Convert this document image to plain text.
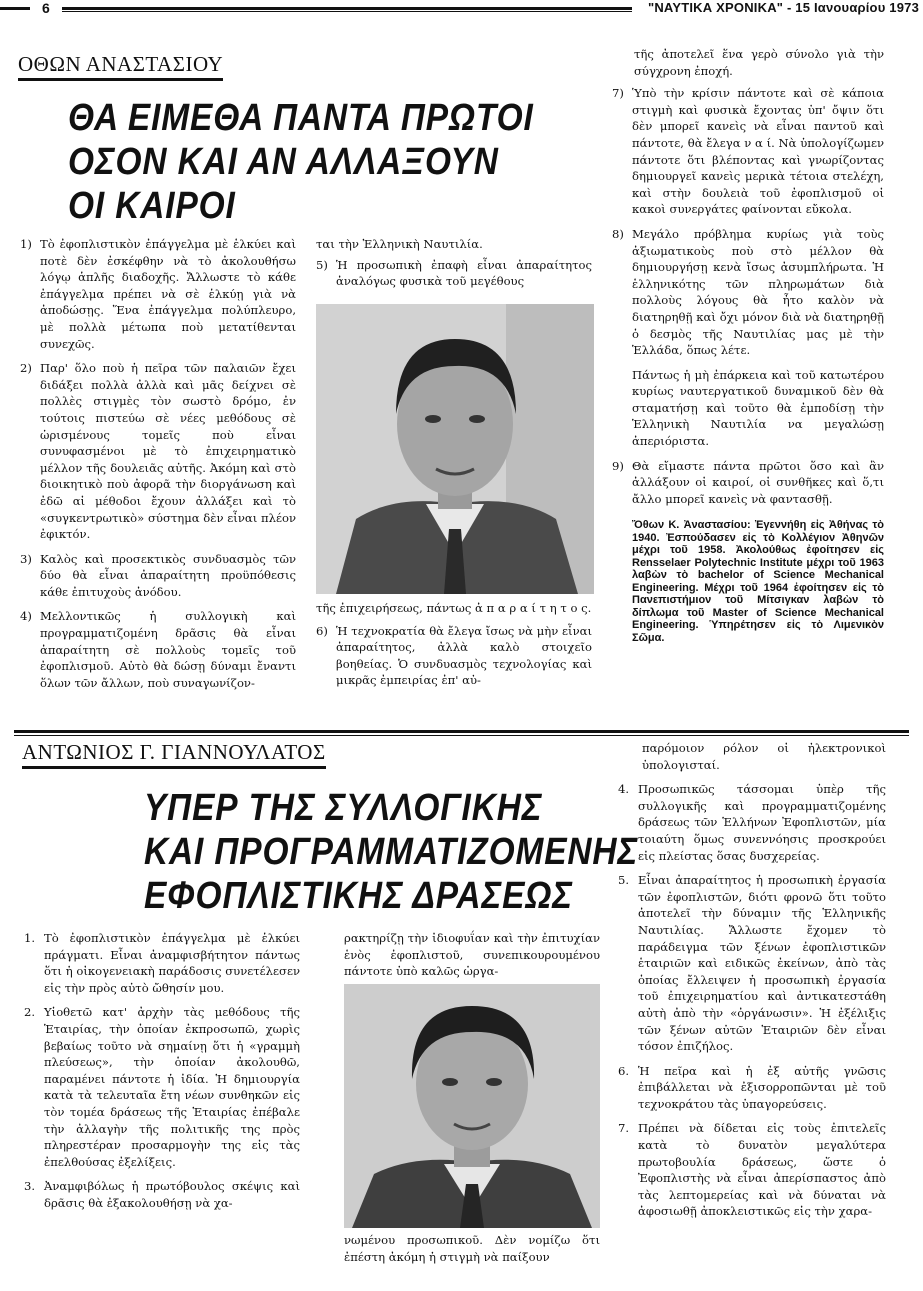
6	"ΝΑΥΤΙΚΑ ΧΡΟΝΙΚΑ" - 15 Ιανουαρίου 1973
ΟΘΩΝ ΑΝΑΣΤΑΣΙΟΥ
ΘΑ ΕΙΜΕΘΑ ΠΑΝΤΑ ΠΡΩΤΟΙ
ΟΣΟΝ ΚΑΙ ΑΝ ΑΛΛΑΞΟΥΝ
ΟΙ ΚΑΙΡΟΙ
1) Τὸ ἐφοπλιστικὸν ἐπάγγελμα μὲ ἑλκύει καὶ ποτὲ δὲν ἐσκέφθην νὰ τὸ ἀκολουθήσω λόγῳ ἁπλῆς διαδοχῆς. Ἄλλωστε τὸ κάθε ἐπάγγελμα πρέπει νὰ σὲ ἑλκύῃ γιὰ νὰ ἀποδώσῃς. Ἕνα ἐπάγγελμα πολύπλευρο, μὲ πολλὰ μέτωπα ποὺ μετατίθενται συνεχῶς.

2) Παρ' ὅλο ποὺ ἡ πεῖρα τῶν παλαιῶν ἔχει διδάξει πολλὰ ἀλλὰ καὶ μᾶς δείχνει σὲ πολλὲς στιγμὲς τὸν σωστὸ δρόμο, ἐν τούτοις πιστεύω σὲ νέες μεθόδους σὲ ὡρισμένους τομεῖς ποὺ εἶναι συνυφασμένοι μὲ τὸ ἐπιχειρηματικὸ μέλλον τῆς δουλειᾶς αὐτῆς. Ἀκόμη καὶ στὸ διοικητικὸ ποὺ ἀφορᾶ τὴν διοργάνωση καὶ ἐδῶ αἱ μέθοδοι ἔχουν ἀλλάξει καὶ τὸ «συγκεντρωτικὸ» σύστημα δὲν εἶναι πλέον ἐφικτόν.

3) Καλὸς καὶ προσεκτικὸς συνδυασμὸς τῶν δύο θὰ εἶναι ἀπαραίτητη προϋπόθεσις κάθε ἐπιτυχοὺς ἀνόδου.

4) Μελλοντικῶς ἡ συλλογικὴ καὶ προγραμματιζομένη δρᾶσις θὰ εἶναι ἀπαραίτητη σὲ πολλοὺς τομεῖς τοῦ ἐφοπλισμοῦ. Αὐτὸ θὰ δώσῃ δύναμι ἔναντι ὅλων τῶν ἄλλων, ποὺ συναγωνίζον-

ται τὴν Ἑλληνικὴ Ναυτιλία.

5) Ἡ προσωπικὴ ἐπαφὴ εἶναι ἀπαραίτητος ἀναλόγως φυσικὰ τοῦ μεγέθους

τῆς ἐπιχειρήσεως, πάντως ἀ π α ρ α ί τ η τ ο ς.

6) Ἡ τεχνοκρατία θὰ ἔλεγα ἴσως νὰ μὴν εἶναι ἀπαραίτητος, ἀλλὰ καλὸ στοιχεῖο βοηθείας. Ὁ συνδυασμὸς τεχνολογίας καὶ μικρᾶς ἐμπειρίας ἐπ' αὐ-

τῆς ἀποτελεῖ ἕνα γερὸ σύνολο γιὰ τὴν σύγχρονη ἐποχή.

7) Ὑπὸ τὴν κρίσιν πάντοτε καὶ σὲ κάποια στιγμὴ καὶ φυσικὰ ἔχοντας ὑπ' ὄψιν ὅτι δὲν μπορεῖ κανεὶς νὰ εἶναι παντοῦ καὶ πάντοτε, θὰ ἔλεγα ν α ί. Νὰ ὑπολογίζωμεν πάντοτε ὅτι βλέποντας καὶ γνωρίζοντας δημιουργεῖ κανεὶς μερικὰ τέτοια στελέχη, καὶ στὴν δουλειὰ τοῦ ἐφοπλισμοῦ οἱ κακοὶ συνεργάτες φαίνονται εὔκολα.

8) Μεγάλο πρόβλημα κυρίως γιὰ τοὺς ἀξιωματικοὺς ποὺ στὸ μέλλον θὰ δημιουργήσῃ κενὰ ἴσως ἀσυμπλήρωτα. Ἡ ἑλληνικότης τῶν πληρωμάτων διὰ πολλοὺς λόγους θὰ ἦτο καλὸν νὰ διατηρηθῇ καὶ ὄχι μόνον διὰ νὰ διατηρηθῇ ὁ δεσμὸς τῆς Ναυτιλίας μας μὲ τὴν Ἑλλάδα, ὅπως λέτε.

Πάντως ἡ μὴ ἐπάρκεια καὶ τοῦ κατωτέρου κυρίως ναυτεργατικοῦ δυναμικοῦ δὲν θὰ σταματήσῃ καὶ τοῦτο θὰ ἐμποδίσῃ τὴν Ἑλληνικὴ Ναυτιλία να μεγαλώσῃ ἀπεριόριστα.

9) Θὰ εἴμαστε πάντα πρῶτοι ὅσο καὶ ἂν ἀλλάξουν οἱ καιροί, οἱ συνθῆκες καὶ ὅ,τι ἄλλο μπορεῖ κανεὶς νὰ φαντασθῇ.

Ὄθων Κ. Ἀναστασίου: Ἐγεννήθη εἰς Ἀθήνας τὸ 1940. Ἐσπούδασεν εἰς τὸ Κολλέγιον Ἀθηνῶν μέχρι τοῦ 1958. Ἀκολούθως ἐφοίτησεν εἰς Rensselaer Polytechnic Institute μέχρι τοῦ 1963 λαβὼν τὸ bachelor of Science Mechanical Engineering. Μέχρι τοῦ 1964 ἐφοίτησεν εἰς τὸ Πανεπιστήμιον τοῦ Μίτσιγκαν λαβὼν τὸ δίπλωμα τοῦ Master of Science Mechanical Engineering. Ὑπηρέτησεν εἰς τὸ Λιμενικὸν Σῶμα.
ΑΝΤΩΝΙΟΣ Γ. ΓΙΑΝΝΟΥΛΑΤΟΣ
ΥΠΕΡ ΤΗΣ ΣΥΛΛΟΓΙΚΗΣ
ΚΑΙ ΠΡΟΓΡΑΜΜΑΤΙΖΟΜΕΝΗΣ
ΕΦΟΠΛΙΣΤΙΚΗΣ ΔΡΑΣΕΩΣ
1. Τὸ ἐφοπλιστικὸν ἐπάγγελμα μὲ ἑλκύει πράγματι. Εἶναι ἀναμφισβήτητον πάντως ὅτι ἡ οἰκογενειακὴ παράδοσις συνετέλεσεν εἰς τὴν πρὸς αὐτὸ ὤθησίν μου.

2. Υἱοθετῶ κατ' ἀρχὴν τὰς μεθόδους τῆς Ἑταιρίας, τὴν ὁποίαν ἐκπροσωπῶ, χωρὶς βεβαίως τοῦτο νὰ σημαίνῃ ὅτι ἡ «γραμμὴ πλεύσεως», τὴν ὁποίαν ἀκολουθῶ, παραμένει πάντοτε ἡ ἰδία. Ἡ δημιουργία κατὰ τὰ τελευταῖα ἔτη νέων συνθηκῶν εἰς τὸν τομέα δράσεως τῆς Ἑταιρίας ἐπέβαλε τὴν ἀλλαγὴν τῆς πολιτικῆς της πρὸς πληρεστέραν προσαρμογὴν της εἰς τὰς ἐπελθούσας ἐξελίξεις.

3. Ἀναμφιβόλως ἡ πρωτόβουλος σκέψις καὶ δρᾶσις θὰ ἐξακολουθήσῃ νὰ χα-

ρακτηρίζῃ τὴν ἰδιοφυΐαν καὶ τὴν ἐπιτυχίαν ἑνὸς ἐφοπλιστοῦ, συνεπικουρουμένου πάντοτε ὑπὸ καλῶς ὡργα-

νωμένου προσωπικοῦ. Δὲν νομίζω ὅτι ἐπέστη ἀκόμη ἡ στιγμὴ νὰ παίξουν

παρόμοιον ρόλον οἱ ἠλεκτρονικοὶ ὑπολογισταί.

4. Προσωπικῶς τάσσομαι ὑπὲρ τῆς συλλογικῆς καὶ προγραμματιζομένης δράσεως τῶν Ἑλλήνων Ἐφοπλιστῶν, μία τοιαύτη ὅμως συνεννόησις προσκρούει εἰς πλείστας ὅσας δυσχερείας.

5. Εἶναι ἀπαραίτητος ἡ προσωπικὴ ἐργασία τῶν ἐφοπλιστῶν, διότι φρονῶ ὅτι τοῦτο ἀποτελεῖ τὴν δύναμιν τῆς Ἑλληνικῆς Ναυτιλίας. Ἄλλωστε ἔχομεν τὸ παράδειγμα τῶν ξένων ἐφοπλιστικῶν ἑταιριῶν καὶ ειδικῶς ἐκείνων, ἀπὸ τὰς ὁποίας ἔλλειψεν ἡ προσωπικὴ ἐργασία τοῦ ἐπιχειρηματίου καὶ ἀντικατεστάθη αὐτὴ ἀπὸ τὴν «ὀργάνωσιν». Ἡ ἐξέλιξις τῶν ξένων αὐτῶν Ἑταιριῶν δὲν εἶναι τόσον ἐπιζήλος.

6. Ἡ πεῖρα καὶ ἡ ἐξ αὐτῆς γνῶσις ἐπιβάλλεται νὰ ἐξισορροπῶνται μὲ τοῦ τεχνοκράτου τὰς ὑπαγορεύσεις.

7. Πρέπει νὰ δίδεται εἰς τοὺς ἐπιτελεῖς κατὰ τὸ δυνατὸν μεγαλύτερα πρωτοβουλία δράσεως, ὥστε ὁ Ἐφοπλιστὴς νὰ εἶναι ἀπερίσπαστος ἀπὸ τὰς λεπτομερείας καὶ νὰ δύναται νὰ ἀφοσιωθῇ ἀποκλειστικῶς εἰς τὴν χαρα-
